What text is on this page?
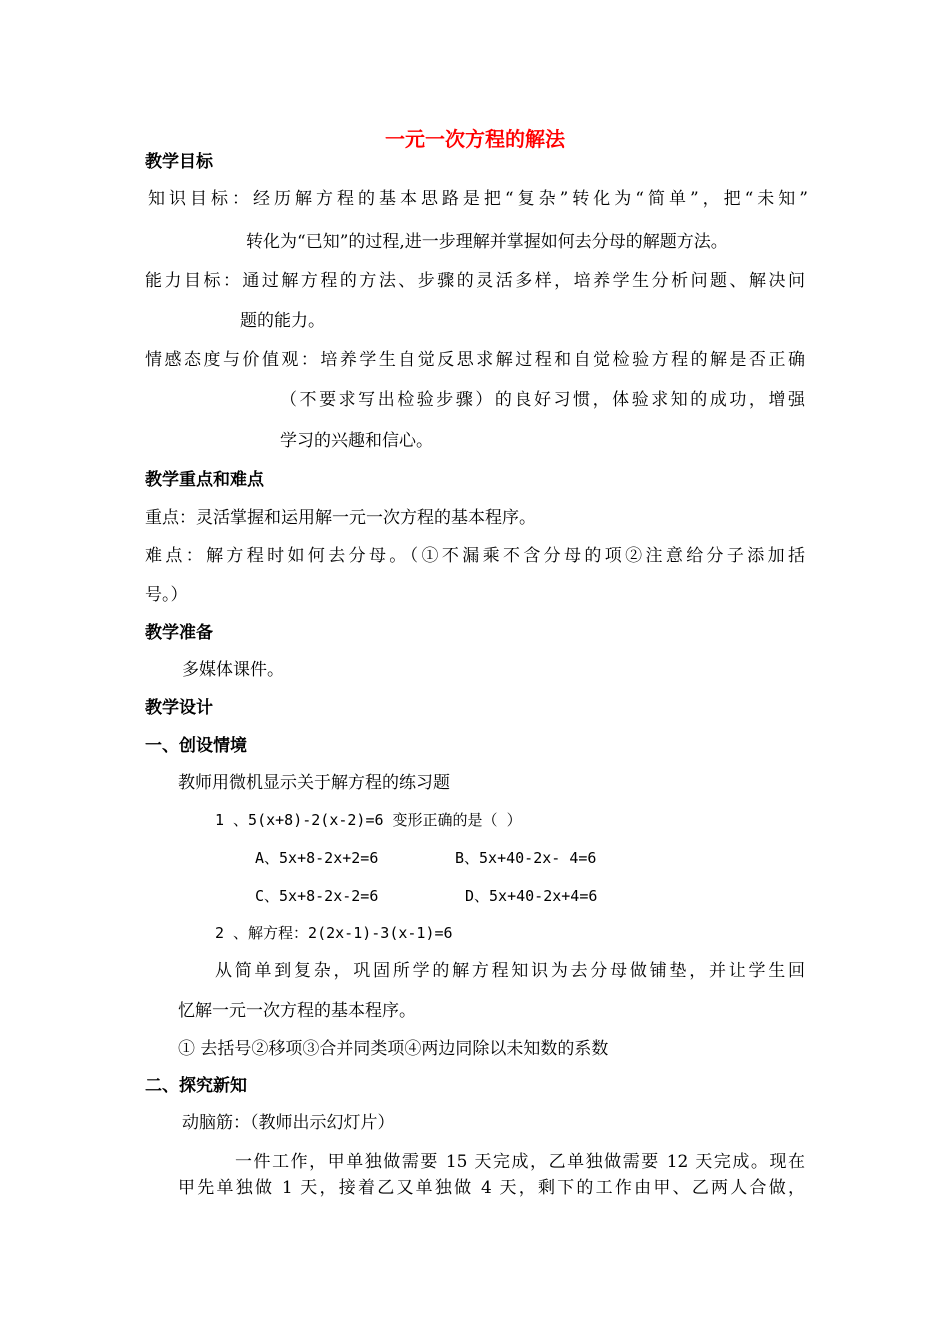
一元一次方程的解法
教学目标
知识目标：经历解方程的基本思路是把“复杂”转化为“简单”，把“未知”
转化为“已知”的过程,进一步理解并掌握如何去分母的解题方法。
能力目标：通过解方程的方法、步骤的灵活多样，培养学生分析问题、解决问
题的能力。
情感态度与价值观：培养学生自觉反思求解过程和自觉检验方程的解是否正确
（不要求写出检验步骤）的良好习惯，体验求知的成功，增强
学习的兴趣和信心。
教学重点和难点
重点：灵活掌握和运用解一元一次方程的基本程序。
难点：解方程时如何去分母。（①不漏乘不含分母的项②注意给分子添加括
号。）
教学准备
多媒体课件。
教学设计
一、创设情境
教师用微机显示关于解方程的练习题
1 、5(x+8)-2(x-2)=6 变形正确的是（ ）
A、5x+8-2x+2=6	B、5x+40-2x- 4=6
C、5x+8-2x-2=6	D、5x+40-2x+4=6
2 、解方程：2(2x-1)-3(x-1)=6
从简单到复杂，巩固所学的解方程知识为去分母做铺垫，并让学生回
忆解一元一次方程的基本程序。
① 去括号②移项③合并同类项④两边同除以未知数的系数
二、探究新知
动脑筋：（教师出示幻灯片）
一件工作，甲单独做需要 15 天完成，乙单独做需要 12 天完成。现在
甲先单独做 1 天，接着乙又单独做 4 天，剩下的工作由甲、乙两人合做，
